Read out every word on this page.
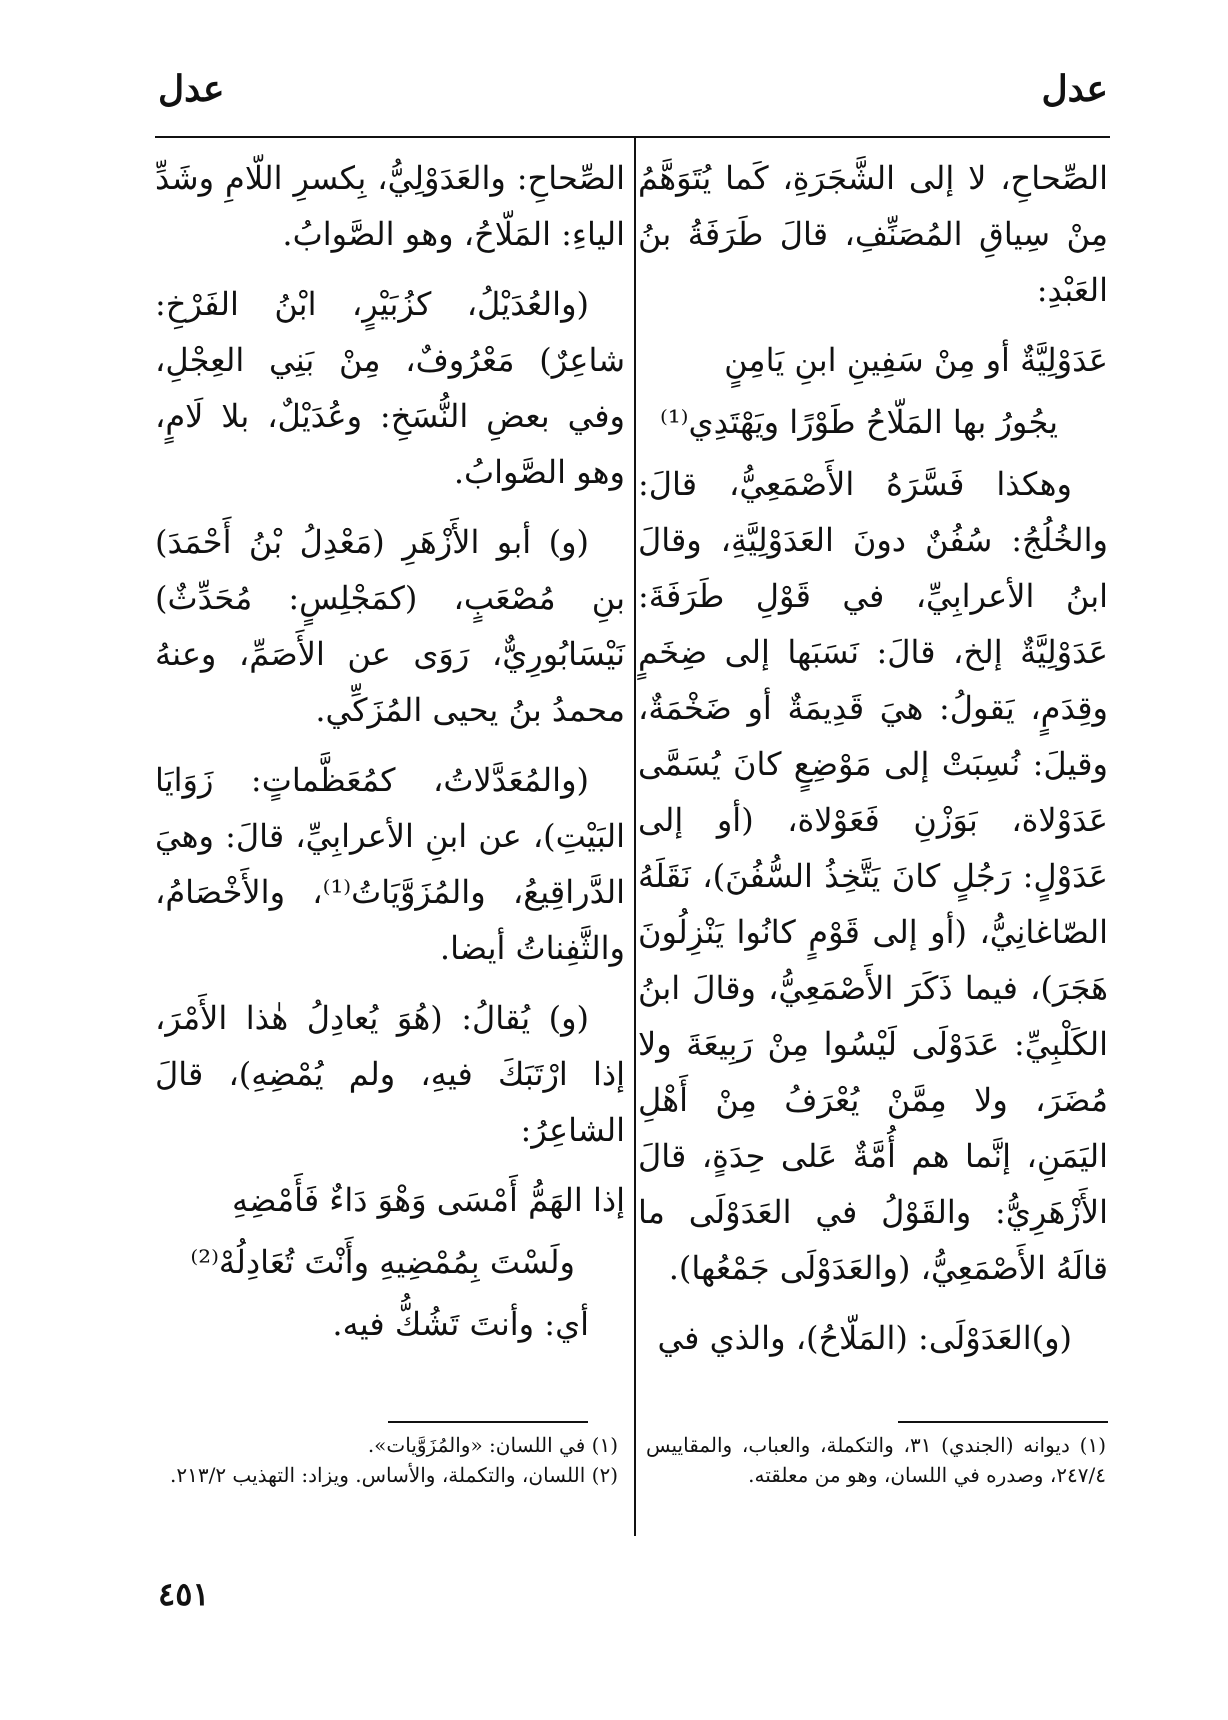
عدل
عدل

الصِّحاحِ، لا إلى الشَّجَرَةِ، كَما يُتَوَهَّمُ مِنْ سِياقِ المُصَنِّفِ، قالَ طَرَفَةُ بنُ العَبْدِ:

عَدَوْلِيَّةٌ أو مِنْ سَفِينِ ابنِ يَامِنٍ

يجُورُ بها المَلّاحُ طَوْرًا ويَهْتَدِي⁽¹⁾

وهكذا فَسَّرَهُ الأَصْمَعِيُّ، قالَ: والخُلُجُ: سُفُنٌ دونَ العَدَوْلِيَّةِ، وقالَ ابنُ الأعرابِيِّ، في قَوْلِ طَرَفَةَ: عَدَوْلِيَّةٌ إلخ، قالَ: نَسَبَها إلى ضِخَمٍ وقِدَمٍ، يَقولُ: هيَ قَدِيمَةٌ أو ضَخْمَةٌ، وقيلَ: نُسِبَتْ إلى مَوْضِعٍ كانَ يُسَمَّى عَدَوْلاة، بَوَزْنِ فَعَوْلاة، (أو إلى عَدَوْلٍ: رَجُلٍ كانَ يَتَّخِذُ السُّفُنَ)، نَقَلَهُ الصّاغانِيُّ، (أو إلى قَوْمٍ كانُوا يَنْزِلُونَ هَجَرَ)، فيما ذَكَرَ الأَصْمَعِيُّ، وقالَ ابنُ الكَلْبِيِّ: عَدَوْلَى لَيْسُوا مِنْ رَبِيعَةَ ولا مُضَرَ، ولا مِمَّنْ يُعْرَفُ مِنْ أَهْلِ اليَمَنِ، إنَّما هم أُمَّةٌ عَلى حِدَةٍ، قالَ الأَزْهَرِيُّ: والقَوْلُ في العَدَوْلَى ما قالَهُ الأَصْمَعِيُّ، (والعَدَوْلَى جَمْعُها).

(و)العَدَوْلَى: (المَلّاحُ)، والذي في

الصِّحاحِ: والعَدَوْلِيُّ، بِكسرِ اللّامِ وشَدِّ الياءِ: المَلّاحُ، وهو الصَّوابُ.

(والعُدَيْلُ، كزُبَيْرٍ، ابْنُ الفَرْخِ: شاعِرٌ) مَعْرُوفٌ، مِنْ بَنِي العِجْلِ، وفي بعضِ النُّسَخِ: وعُدَيْلٌ، بلا لَامٍ، وهو الصَّوابُ.

(و) أبو الأَزْهَرِ (مَعْدِلُ بْنُ أَحْمَدَ) بنِ مُصْعَبٍ، (كمَجْلِسٍ: مُحَدِّثٌ) نَيْسَابُورِيٌّ، رَوَى عن الأَصَمِّ، وعنهُ محمدُ بنُ يحيى المُزَكِّي.

(والمُعَدَّلاتُ، كمُعَظَّماتٍ: زَوَايَا البَيْتِ)، عن ابنِ الأعرابِيِّ، قالَ: وهيَ الدَّراقِيعُ، والمُزَوَّيَاتُ⁽¹⁾، والأَخْصَامُ، والثَّفِناتُ أيضا.

(و) يُقالُ: (هُوَ يُعادِلُ هٰذا الأَمْرَ، إذا ارْتَبَكَ فيهِ، ولم يُمْضِهِ)، قالَ الشاعِرُ:

إذا الهَمُّ أَمْسَى وَهْوَ دَاءٌ فَأَمْضِهِ

ولَسْتَ بِمُمْضِيهِ وأَنْتَ تُعَادِلُهْ⁽²⁾

أي: وأنتَ تَشُكُّ فيه.

(١) ديوانه (الجندي) ٣١، والتكملة، والعباب، والمقاييس ٢٤٧/٤، وصدره في اللسان، وهو من معلقته.

(١) في اللسان: «والمُزَوَّيات».

(٢) اللسان، والتكملة، والأساس. ويزاد: التهذيب ٢١٣/٢.

٤٥١
